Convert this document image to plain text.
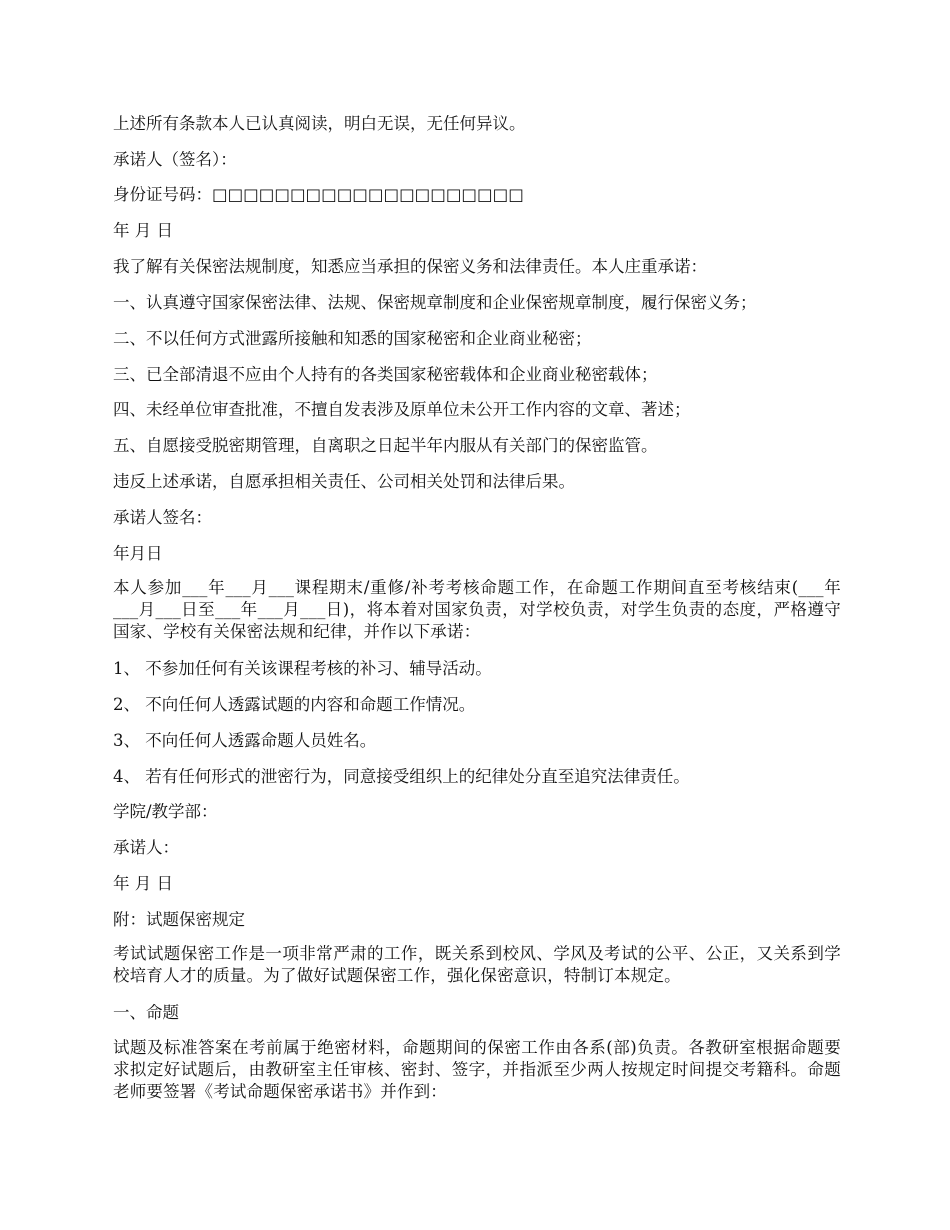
上述所有条款本人已认真阅读，明白无误，无任何异议。
承诺人（签名）：
身份证号码：□□□□□□□□□□□□□□□□□□□□
年 月 日
我了解有关保密法规制度，知悉应当承担的保密义务和法律责任。本人庄重承诺：
一、认真遵守国家保密法律、法规、保密规章制度和企业保密规章制度，履行保密义务；
二、不以任何方式泄露所接触和知悉的国家秘密和企业商业秘密；
三、已全部清退不应由个人持有的各类国家秘密载体和企业商业秘密载体；
四、未经单位审查批准，不擅自发表涉及原单位未公开工作内容的文章、著述；
五、自愿接受脱密期管理，自离职之日起半年内服从有关部门的保密监管。
违反上述承诺，自愿承担相关责任、公司相关处罚和法律后果。
承诺人签名：
年月日
本人参加___年___月___课程期末/重修/补考考核命题工作，在命题工作期间直至考核结束(___年___月___日至___年___月___日)，将本着对国家负责，对学校负责，对学生负责的态度，严格遵守国家、学校有关保密法规和纪律，并作以下承诺：
1、 不参加任何有关该课程考核的补习、辅导活动。
2、 不向任何人透露试题的内容和命题工作情况。
3、 不向任何人透露命题人员姓名。
4、 若有任何形式的泄密行为，同意接受组织上的纪律处分直至追究法律责任。
学院/教学部：
承诺人：
年 月 日
附：试题保密规定
考试试题保密工作是一项非常严肃的工作，既关系到校风、学风及考试的公平、公正，又关系到学校培育人才的质量。为了做好试题保密工作，强化保密意识，特制订本规定。
一、命题
试题及标准答案在考前属于绝密材料，命题期间的保密工作由各系(部)负责。各教研室根据命题要求拟定好试题后，由教研室主任审核、密封、签字，并指派至少两人按规定时间提交考籍科。命题老师要签署《考试命题保密承诺书》并作到：
